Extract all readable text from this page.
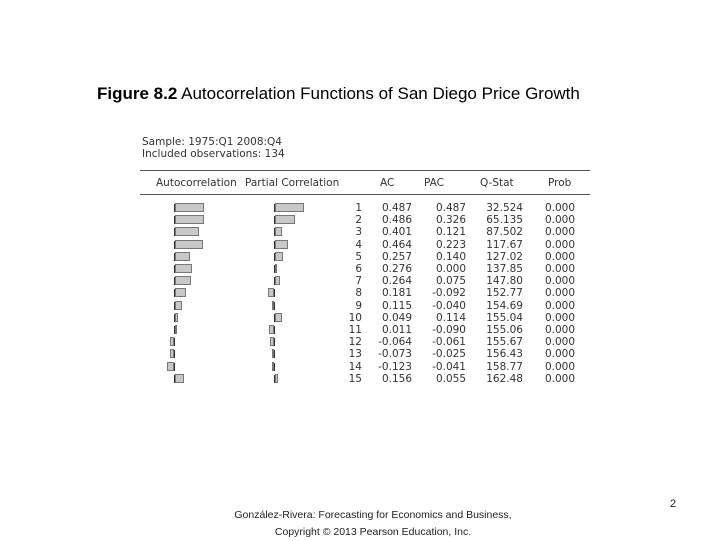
Figure 8.2 Autocorrelation Functions of San Diego Price Growth
Sample: 1975:Q1 2008:Q4
Included observations: 134
Autocorrelation Partial Correlation	AC	PAC	Q-Stat	Prob
1	0.487	0.487	32.524	0.000
2	0.486	0.326	65.135	0.000
3	0.401	0.121	87.502	0.000
4	0.464	0.223	117.67	0.000
5	0.257	0.140	127.02	0.000
6	0.276	0.000	137.85	0.000
7	0.264	0.075	147.80	0.000
8	0.181	-0.092	152.77	0.000
9	0.115	-0.040	154.69	0.000
10	0.049	0.114	155.04	0.000
11	0.011	-0.090	155.06	0.000
12	-0.064	-0.061	155.67	0.000
13	-0.073	-0.025	156.43	0.000
14	-0.123	-0.041	158.77	0.000
15	0.156	0.055	162.48	0.000
González-Rivera: Forecasting for Economics and Business,
Copyright © 2013 Pearson Education, Inc.
2
